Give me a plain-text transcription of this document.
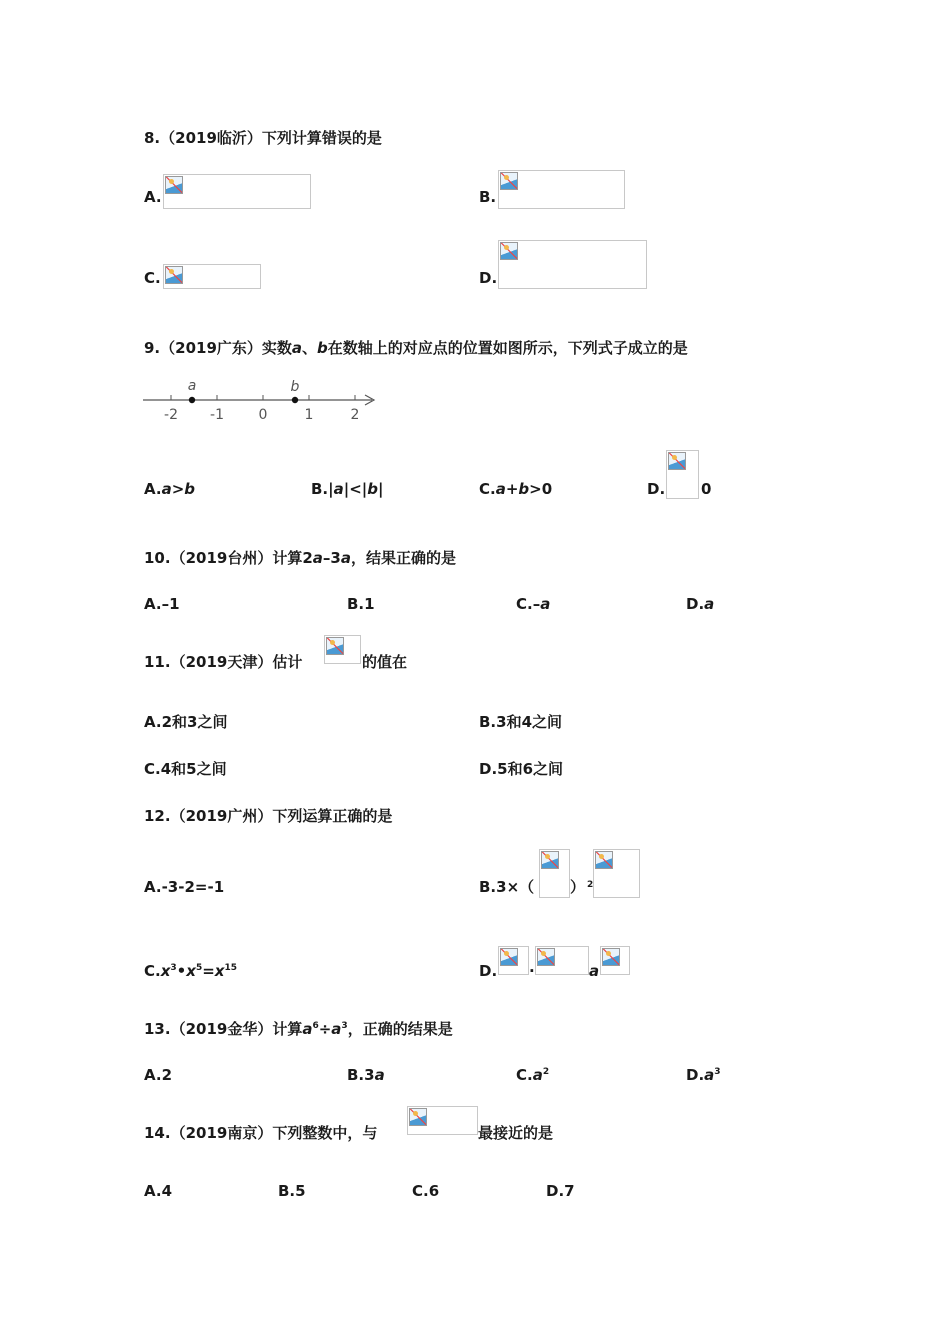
8.（2019临沂）下列计算错误的是
A.	B.
C.	D.
9.（2019广东）实数a、b在数轴上的对应点的位置如图所示，下列式子成立的是
-2 -1 0	1	2
a	b
A.a>b	B.|a|<|b|	C.a+b>0	D. 0
10.（2019台州）计算2a–3a，结果正确的是
A.–1	B.1	C.–a	D.a
11.（2019天津）估计	的值在
A.2和3之间	B.3和4之间
C.4和5之间	D.5和6之间
12.（2019广州）下列运算正确的是
A.-3-2=-1	B.3×（ ） 2
$C.x^3•x^5=x^{15}$	D. ·	a
13.（2019金华）计算$a^6\div a^3$，正确的结果是
A.2	B.3a	$C.a^2$	$D.a^3$
14.（2019南京）下列整数中，与	最接近的是
A.4	B.5	C.6	D.7
